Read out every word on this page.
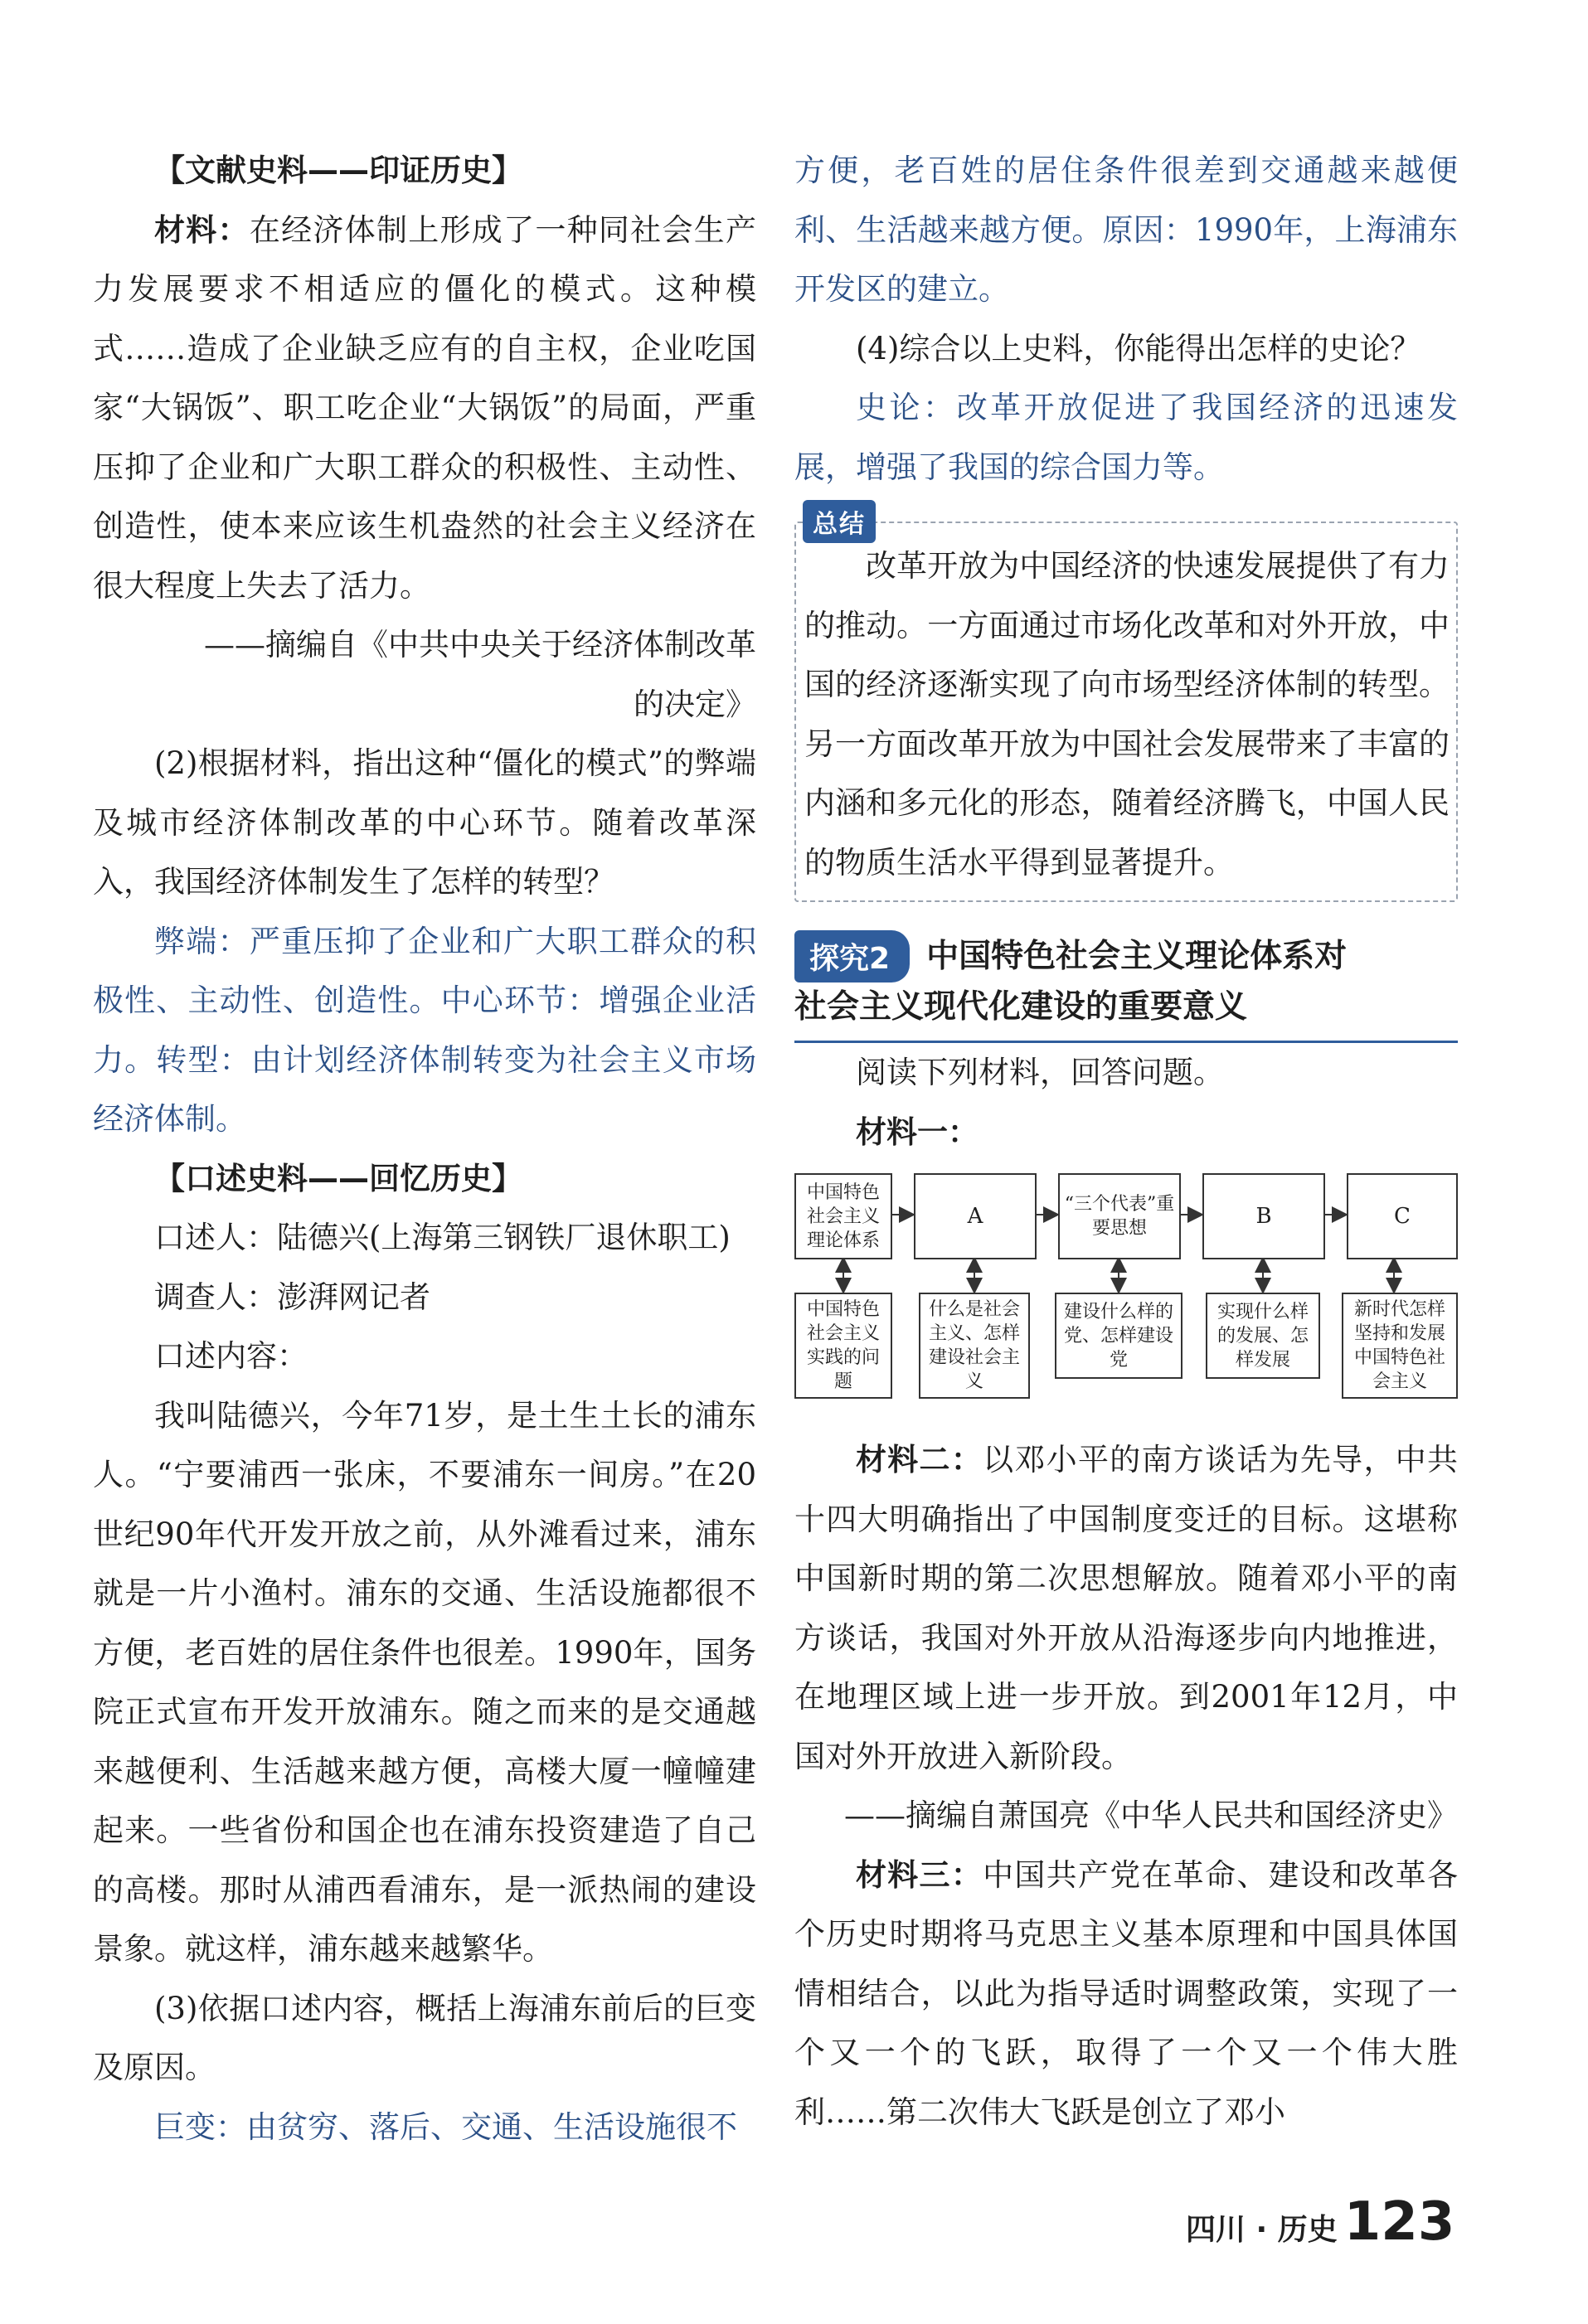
【文献史料——印证历史】

材料：在经济体制上形成了一种同社会生产力发展要求不相适应的僵化的模式。这种模式……造成了企业缺乏应有的自主权，企业吃国家“大锅饭”、职工吃企业“大锅饭”的局面，严重压抑了企业和广大职工群众的积极性、主动性、创造性，使本来应该生机盎然的社会主义经济在很大程度上失去了活力。

——摘编自《中共中央关于经济体制改革

的决定》

(2)根据材料，指出这种“僵化的模式”的弊端及城市经济体制改革的中心环节。随着改革深入，我国经济体制发生了怎样的转型？

弊端：严重压抑了企业和广大职工群众的积极性、主动性、创造性。中心环节：增强企业活力。转型：由计划经济体制转变为社会主义市场经济体制。

【口述史料——回忆历史】

口述人：陆德兴(上海第三钢铁厂退休职工)

调查人：澎湃网记者

口述内容：

我叫陆德兴，今年71岁，是土生土长的浦东人。“宁要浦西一张床，不要浦东一间房。”在20世纪90年代开发开放之前，从外滩看过来，浦东就是一片小渔村。浦东的交通、生活设施都很不方便，老百姓的居住条件也很差。1990年，国务院正式宣布开发开放浦东。随之而来的是交通越来越便利、生活越来越方便，高楼大厦一幢幢建起来。一些省份和国企也在浦东投资建造了自己的高楼。那时从浦西看浦东，是一派热闹的建设景象。就这样，浦东越来越繁华。

(3)依据口述内容，概括上海浦东前后的巨变及原因。

巨变：由贫穷、落后、交通、生活设施很不

方便，老百姓的居住条件很差到交通越来越便利、生活越来越方便。原因：1990年，上海浦东开发区的建立。

(4)综合以上史料，你能得出怎样的史论？

史论：改革开放促进了我国经济的迅速发展，增强了我国的综合国力等。

总结

改革开放为中国经济的快速发展提供了有力的推动。一方面通过市场化改革和对外开放，中国的经济逐渐实现了向市场型经济体制的转型。另一方面改革开放为中国社会发展带来了丰富的内涵和多元化的形态，随着经济腾飞，中国人民的物质生活水平得到显著提升。

探究2	中国特色社会主义理论体系对
社会主义现代化建设的重要意义

阅读下列材料，回答问题。

材料一：

中国特色社会主义理论体系
A	“三个代表”重要思想	B	C
中国特色社会主义实践的问题
什么是社会主义、怎样建设社会主义
建设什么样的党、怎样建设党
实现什么样的发展、怎样发展
新时代怎样坚持和发展中国特色社会主义

材料二：以邓小平的南方谈话为先导，中共十四大明确指出了中国制度变迁的目标。这堪称中国新时期的第二次思想解放。随着邓小平的南方谈话，我国对外开放从沿海逐步向内地推进，在地理区域上进一步开放。到2001年12月，中国对外开放进入新阶段。

——摘编自萧国亮《中华人民共和国经济史》

材料三：中国共产党在革命、建设和改革各个历史时期将马克思主义基本原理和中国具体国情相结合，以此为指导适时调整政策，实现了一个又一个的飞跃，取得了一个又一个伟大胜利……第二次伟大飞跃是创立了邓小

四川 · 历史 123
